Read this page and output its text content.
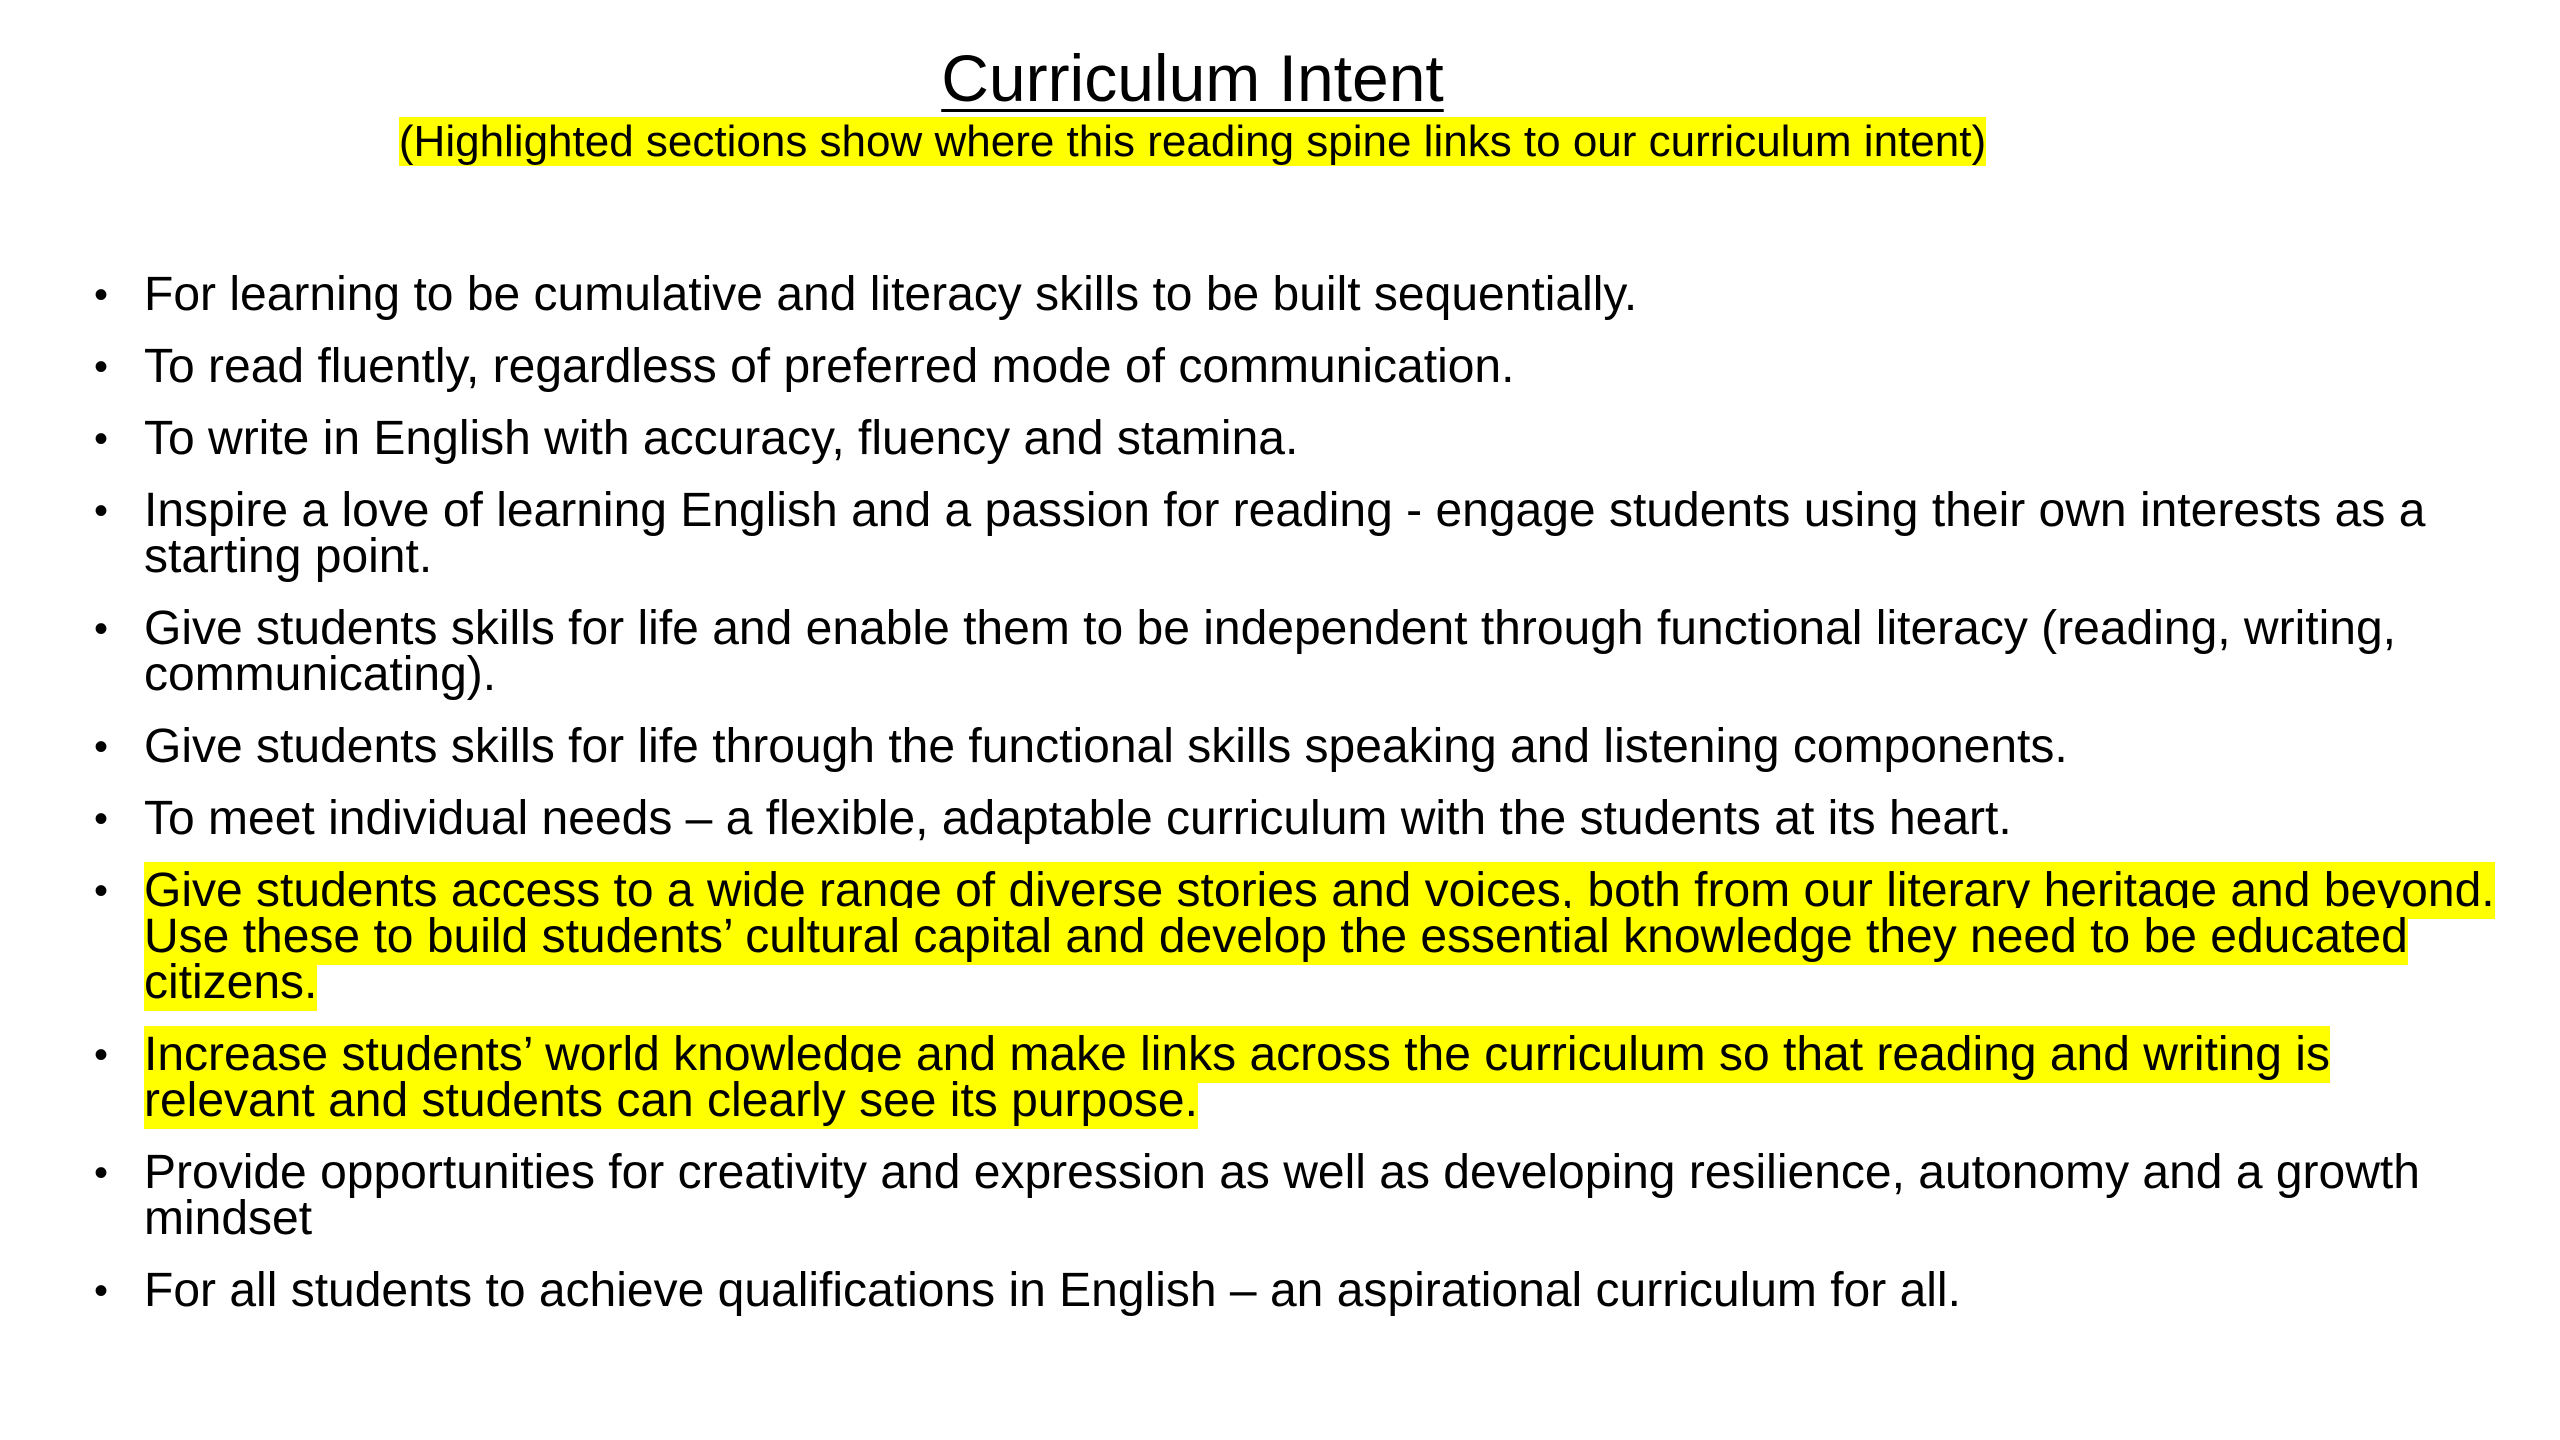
Curriculum Intent

(Highlighted sections show where this reading spine links to our curriculum intent)

• For learning to be cumulative and literacy skills to be built sequentially.
• To read fluently, regardless of preferred mode of communication.
• To write in English with accuracy, fluency and stamina.
• Inspire a love of learning English and a passion for reading - engage students using their own interests as a starting point.
• Give students skills for life and enable them to be independent through functional literacy (reading, writing, communicating).
• Give students skills for life through the functional skills speaking and listening components.
• To meet individual needs – a flexible, adaptable curriculum with the students at its heart.
• Give students access to a wide range of diverse stories and voices, both from our literary heritage and beyond. Use these to build students’ cultural capital and develop the essential knowledge they need to be educated citizens.
• Increase students’ world knowledge and make links across the curriculum so that reading and writing is relevant and students can clearly see its purpose.
• Provide opportunities for creativity and expression as well as developing resilience, autonomy and a growth mindset
• For all students to achieve qualifications in English – an aspirational curriculum for all.
